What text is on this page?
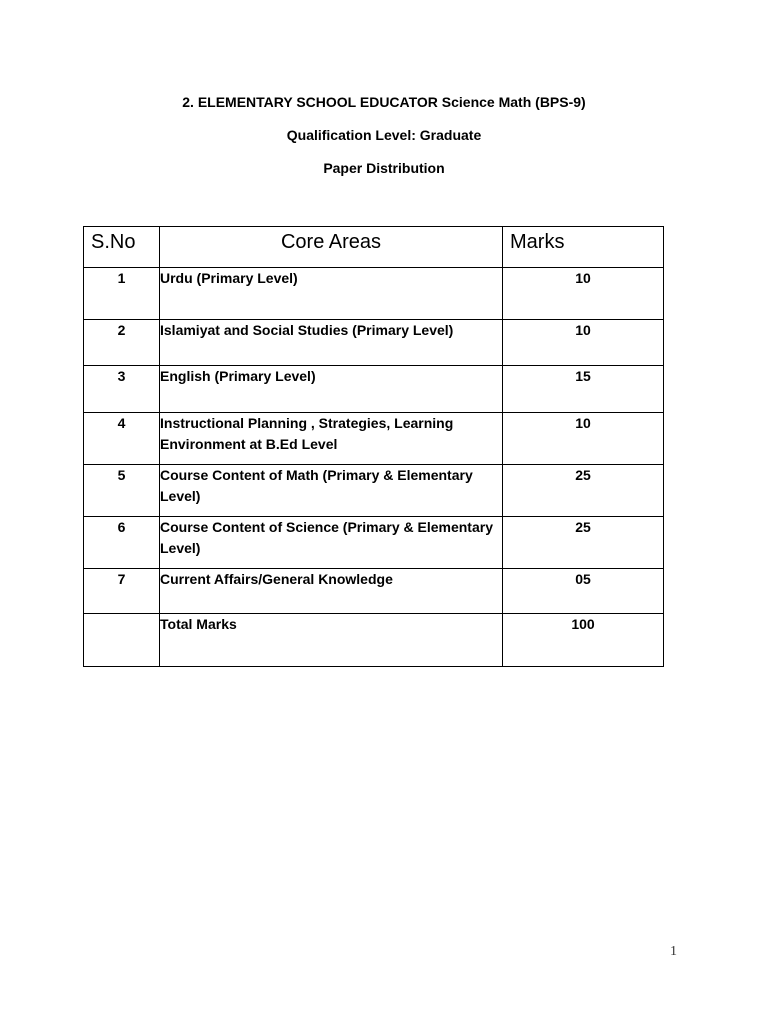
2. ELEMENTARY SCHOOL EDUCATOR Science Math (BPS-9)

Qualification Level: Graduate

Paper Distribution

S.No	Core Areas	Marks
1	Urdu (Primary Level)	10
2	Islamiyat and Social Studies (Primary Level)	10
3	English (Primary Level)	15
4	Instructional Planning , Strategies, Learning Environment at B.Ed Level	10
5	Course Content of Math (Primary & Elementary Level)	25
6	Course Content of Science (Primary & Elementary Level)	25
7	Current Affairs/General Knowledge	05
	Total Marks	100
1
